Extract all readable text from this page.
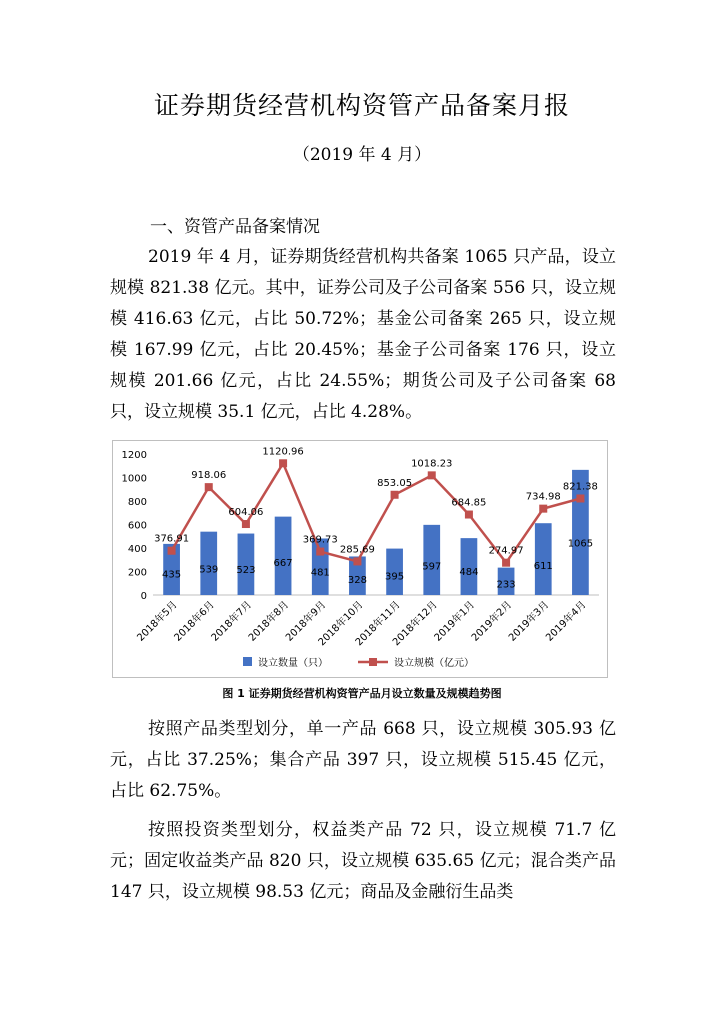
证券期货经营机构资管产品备案月报
（2019 年 4 月）
一、资管产品备案情况

2019 年 4 月，证券期货经营机构共备案 1065 只产品，设立规模 821.38 亿元。其中，证券公司及子公司备案 556 只，设立规模 416.63 亿元，占比 50.72%；基金公司备案 265 只，设立规模 167.99 亿元，占比 20.45%；基金子公司备案 176 只，设立规模 201.66 亿元，占比 24.55%；期货公司及子公司备案 68 只，设立规模 35.1 亿元，占比 4.28%。

0
200
400
600
800
1000
1200
435 539 523
667
481
328 395
597
484
233
611
1065
376.91
918.06
604.06
1120.96
369.73
285.69
853.05
1018.23
684.85
274.97
734.98
821.38
2018年5月
2018年6月
2018年7月
2018年8月
2018年9月
2018年10月
2018年11月
2018年12月
2019年1月
2019年2月
2019年3月
2019年4月
设立数量（只）	设立规模（亿元）
图 1 证券期货经营机构资管产品月设立数量及规模趋势图

按照产品类型划分，单一产品 668 只，设立规模 305.93 亿元，占比 37.25%；集合产品 397 只，设立规模 515.45 亿元，占比 62.75%。

按照投资类型划分，权益类产品 72 只，设立规模 71.7 亿元；固定收益类产品 820 只，设立规模 635.65 亿元；混合类产品 147 只，设立规模 98.53 亿元；商品及金融衍生品类
